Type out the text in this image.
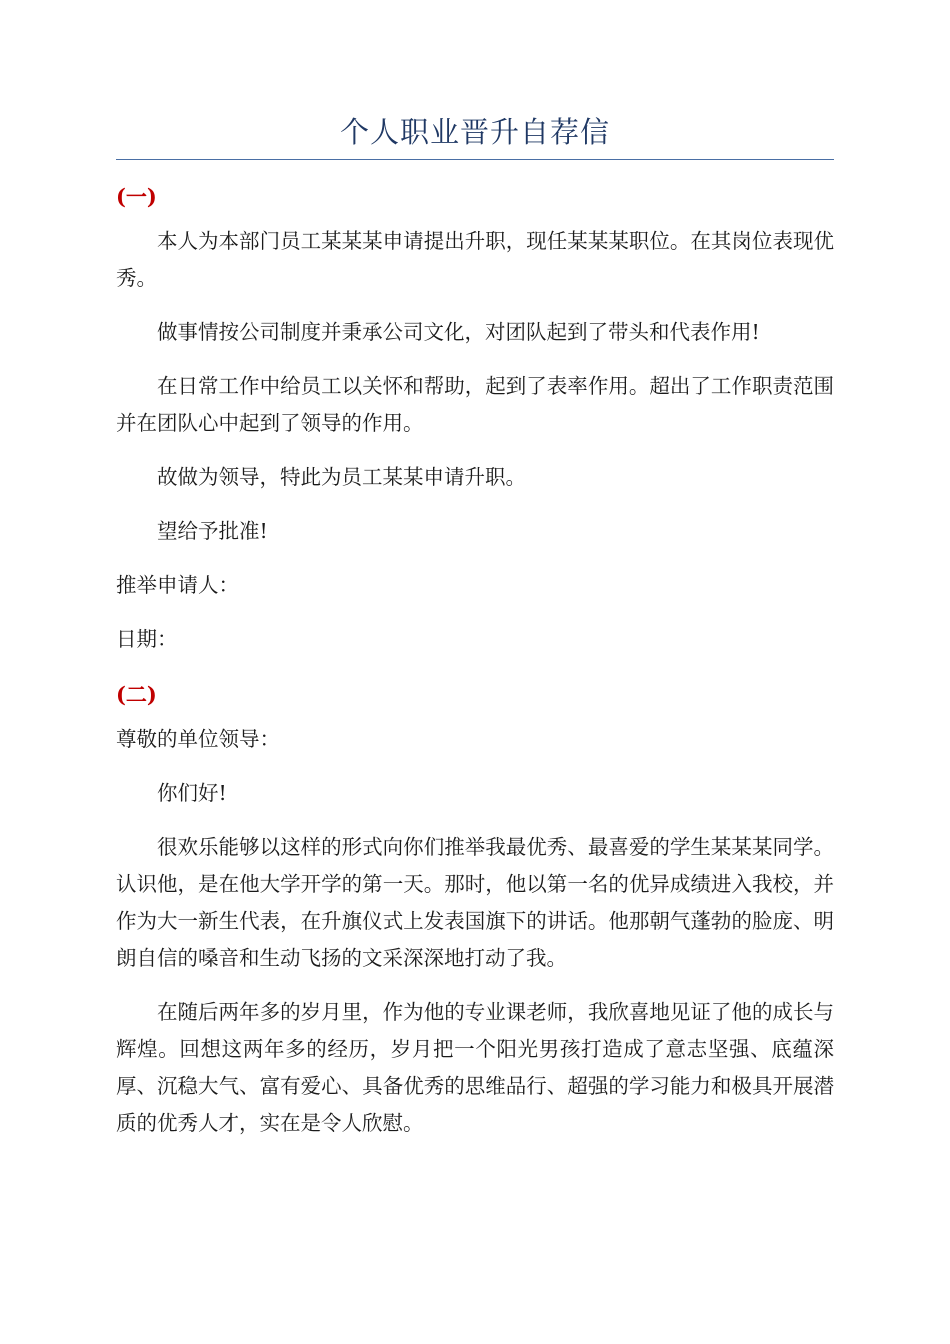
个人职业晋升自荐信
(一)

本人为本部门员工某某某申请提出升职，现任某某某职位。在其岗位表现优秀。

做事情按公司制度并秉承公司文化，对团队起到了带头和代表作用!

在日常工作中给员工以关怀和帮助，起到了表率作用。超出了工作职责范围并在团队心中起到了领导的作用。

故做为领导，特此为员工某某申请升职。

望给予批准!

推举申请人：

日期：

(二)

尊敬的单位领导：

你们好!

很欢乐能够以这样的形式向你们推举我最优秀、最喜爱的学生某某某同学。认识他，是在他大学开学的第一天。那时，他以第一名的优异成绩进入我校，并作为大一新生代表，在升旗仪式上发表国旗下的讲话。他那朝气蓬勃的脸庞、明朗自信的嗓音和生动飞扬的文采深深地打动了我。

在随后两年多的岁月里，作为他的专业课老师，我欣喜地见证了他的成长与辉煌。回想这两年多的经历，岁月把一个阳光男孩打造成了意志坚强、底蕴深厚、沉稳大气、富有爱心、具备优秀的思维品行、超强的学习能力和极具开展潜质的优秀人才，实在是令人欣慰。
